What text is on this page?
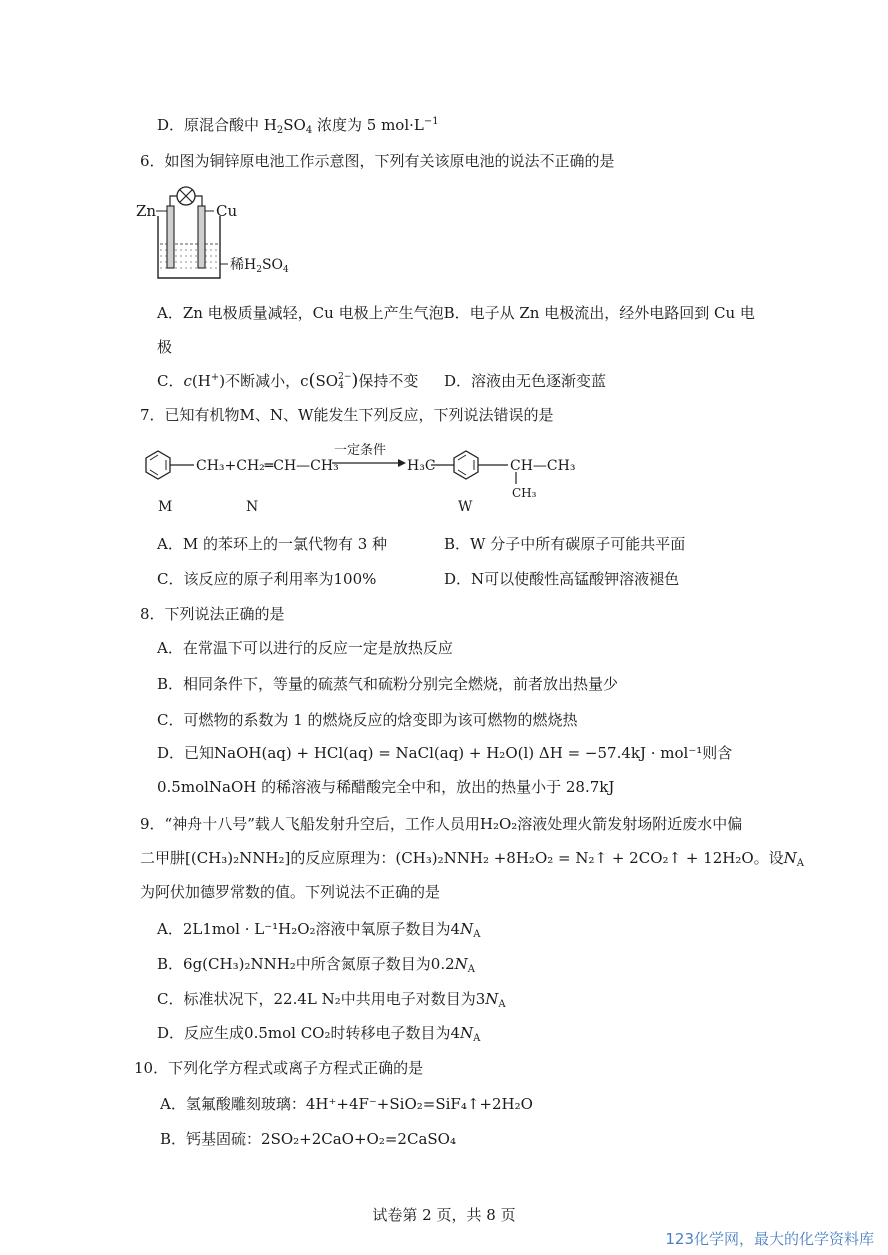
D．原混合酸中 $H_2SO_4$ 浓度为 5 $mol\cdot L^{-1}$
6．如图为铜锌原电池工作示意图，下列有关该原电池的说法不正确的是
Zn	Cu
稀$H_2SO_4$
A．Zn 电极质量减轻，Cu 电极上产生气泡B．电子从 Zn 电极流出，经外电路回到 Cu 电
极
C．c(H+)不断减小，c(SO 2−
4 )保持不变 D．溶液由无色逐渐变蓝
7．已知有机物M、N、W能发生下列反应，下列说法错误的是
CH₃+CH₂═CH—CH₃
一定条件
H₃C	CH—CH₃
CH₃
M	N	W
A．M 的苯环上的一氯代物有 3 种	B．W 分子中所有碳原子可能共平面
C．该反应的原子利用率为100%	D．N可以使酸性高锰酸钾溶液褪色
8．下列说法正确的是
A．在常温下可以进行的反应一定是放热反应
B．相同条件下，等量的硫蒸气和硫粉分别完全燃烧，前者放出热量少
C．可燃物的系数为 1 的燃烧反应的焓变即为该可燃物的燃烧热
D．已知NaOH(aq) + HCl(aq) = NaCl(aq) + H₂O(l) ΔH = −57.4kJ · mol⁻¹则含
0.5molNaOH 的稀溶液与稀醋酸完全中和，放出的热量小于 28.7kJ
9．“神舟十八号”载人飞船发射升空后，工作人员用H₂O₂溶液处理火箭发射场附近废水中偏
二甲肼[(CH₃)₂NNH₂]的反应原理为：(CH₃)₂NNH₂ +8H₂O₂ = N₂↑ + 2CO₂↑ + 12H₂O。设$N_A$
为阿伏加德罗常数的值。下列说法不正确的是
A．2L1mol · L⁻¹H₂O₂溶液中氧原子数目为$4N_A$
B．6g(CH₃)₂NNH₂中所含氮原子数目为$0.2N_A$
C．标准状况下，22.4L N₂中共用电子对数目为$3N_A$
D．反应生成0.5mol CO₂时转移电子数目为$4N_A$
10．下列化学方程式或离子方程式正确的是
A．氢氟酸雕刻玻璃：4H⁺+4F⁻+SiO₂=SiF₄↑+2H₂O
B．钙基固硫：2SO₂+2CaO+O₂=2CaSO₄
试卷第 2 页，共 8 页
123化学网，最大的化学资料库
